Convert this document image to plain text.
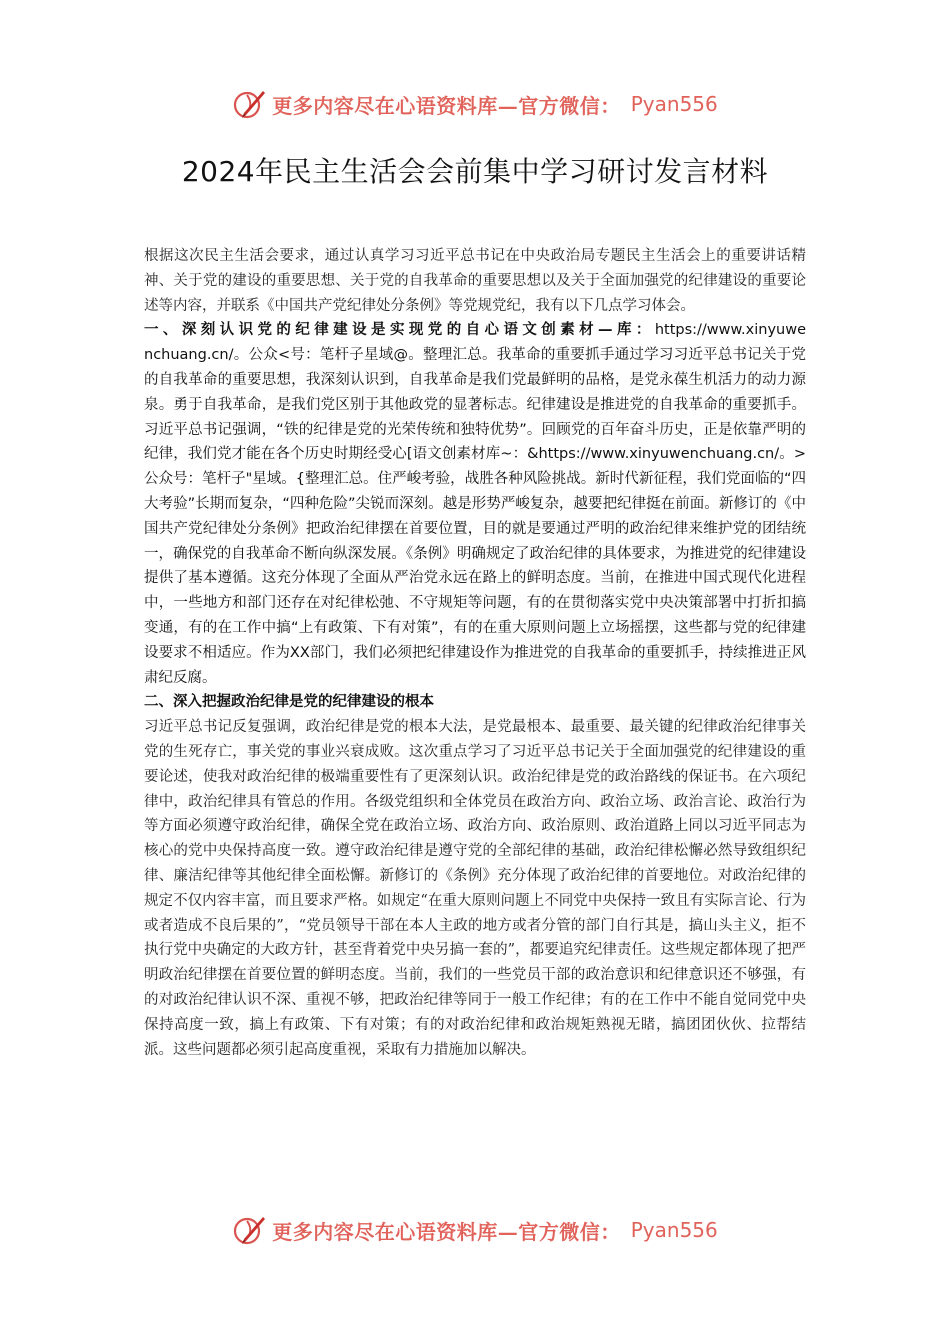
更多内容尽在心语资料库—官方微信： Pyan556
2024年民主生活会会前集中学习研讨发言材料

根据这次民主生活会要求，通过认真学习习近平总书记在中央政治局专题民主生活会上的重要讲话精神、关于党的建设的重要思想、关于党的自我革命的重要思想以及关于全面加强党的纪律建设的重要论述等内容，并联系《中国共产党纪律处分条例》等党规党纪，我有以下几点学习体会。

一、深刻认识党的纪律建设是实现党的自心语文创素材—库：https://www.xinyuwenchuang.cn/。公众<号：笔杆子星域@。整理汇总。我革命的重要抓手通过学习习近平总书记关于党的自我革命的重要思想，我深刻认识到，自我革命是我们党最鲜明的品格，是党永葆生机活力的动力源泉。勇于自我革命，是我们党区别于其他政党的显著标志。纪律建设是推进党的自我革命的重要抓手。习近平总书记强调，“铁的纪律是党的光荣传统和独特优势”。回顾党的百年奋斗历史，正是依靠严明的纪律，我们党才能在各个历史时期经受心[语文创素材库~：&https://www.xinyuwenchuang.cn/。>公众号：笔杆子"星域。{整理汇总。住严峻考验，战胜各种风险挑战。新时代新征程，我们党面临的“四大考验”长期而复杂，“四种危险”尖锐而深刻。越是形势严峻复杂，越要把纪律挺在前面。新修订的《中国共产党纪律处分条例》把政治纪律摆在首要位置，目的就是要通过严明的政治纪律来维护党的团结统一，确保党的自我革命不断向纵深发展。《条例》明确规定了政治纪律的具体要求，为推进党的纪律建设提供了基本遵循。这充分体现了全面从严治党永远在路上的鲜明态度。当前，在推进中国式现代化进程中，一些地方和部门还存在对纪律松弛、不守规矩等问题，有的在贯彻落实党中央决策部署中打折扣搞变通，有的在工作中搞“上有政策、下有对策”，有的在重大原则问题上立场摇摆，这些都与党的纪律建设要求不相适应。作为XX部门，我们必须把纪律建设作为推进党的自我革命的重要抓手，持续推进正风肃纪反腐。

二、深入把握政治纪律是党的纪律建设的根本

习近平总书记反复强调，政治纪律是党的根本大法，是党最根本、最重要、最关键的纪律政治纪律事关党的生死存亡，事关党的事业兴衰成败。这次重点学习了习近平总书记关于全面加强党的纪律建设的重要论述，使我对政治纪律的极端重要性有了更深刻认识。政治纪律是党的政治路线的保证书。在六项纪律中，政治纪律具有管总的作用。各级党组织和全体党员在政治方向、政治立场、政治言论、政治行为等方面必须遵守政治纪律，确保全党在政治立场、政治方向、政治原则、政治道路上同以习近平同志为核心的党中央保持高度一致。遵守政治纪律是遵守党的全部纪律的基础，政治纪律松懈必然导致组织纪律、廉洁纪律等其他纪律全面松懈。新修订的《条例》充分体现了政治纪律的首要地位。对政治纪律的规定不仅内容丰富，而且要求严格。如规定“在重大原则问题上不同党中央保持一致且有实际言论、行为或者造成不良后果的”，“党员领导干部在本人主政的地方或者分管的部门自行其是，搞山头主义，拒不执行党中央确定的大政方针，甚至背着党中央另搞一套的”，都要追究纪律责任。这些规定都体现了把严明政治纪律摆在首要位置的鲜明态度。当前，我们的一些党员干部的政治意识和纪律意识还不够强，有的对政治纪律认识不深、重视不够，把政治纪律等同于一般工作纪律；有的在工作中不能自觉同党中央保持高度一致，搞上有政策、下有对策；有的对政治纪律和政治规矩熟视无睹，搞团团伙伙、拉帮结派。这些问题都必须引起高度重视，采取有力措施加以解决。

更多内容尽在心语资料库—官方微信： Pyan556
